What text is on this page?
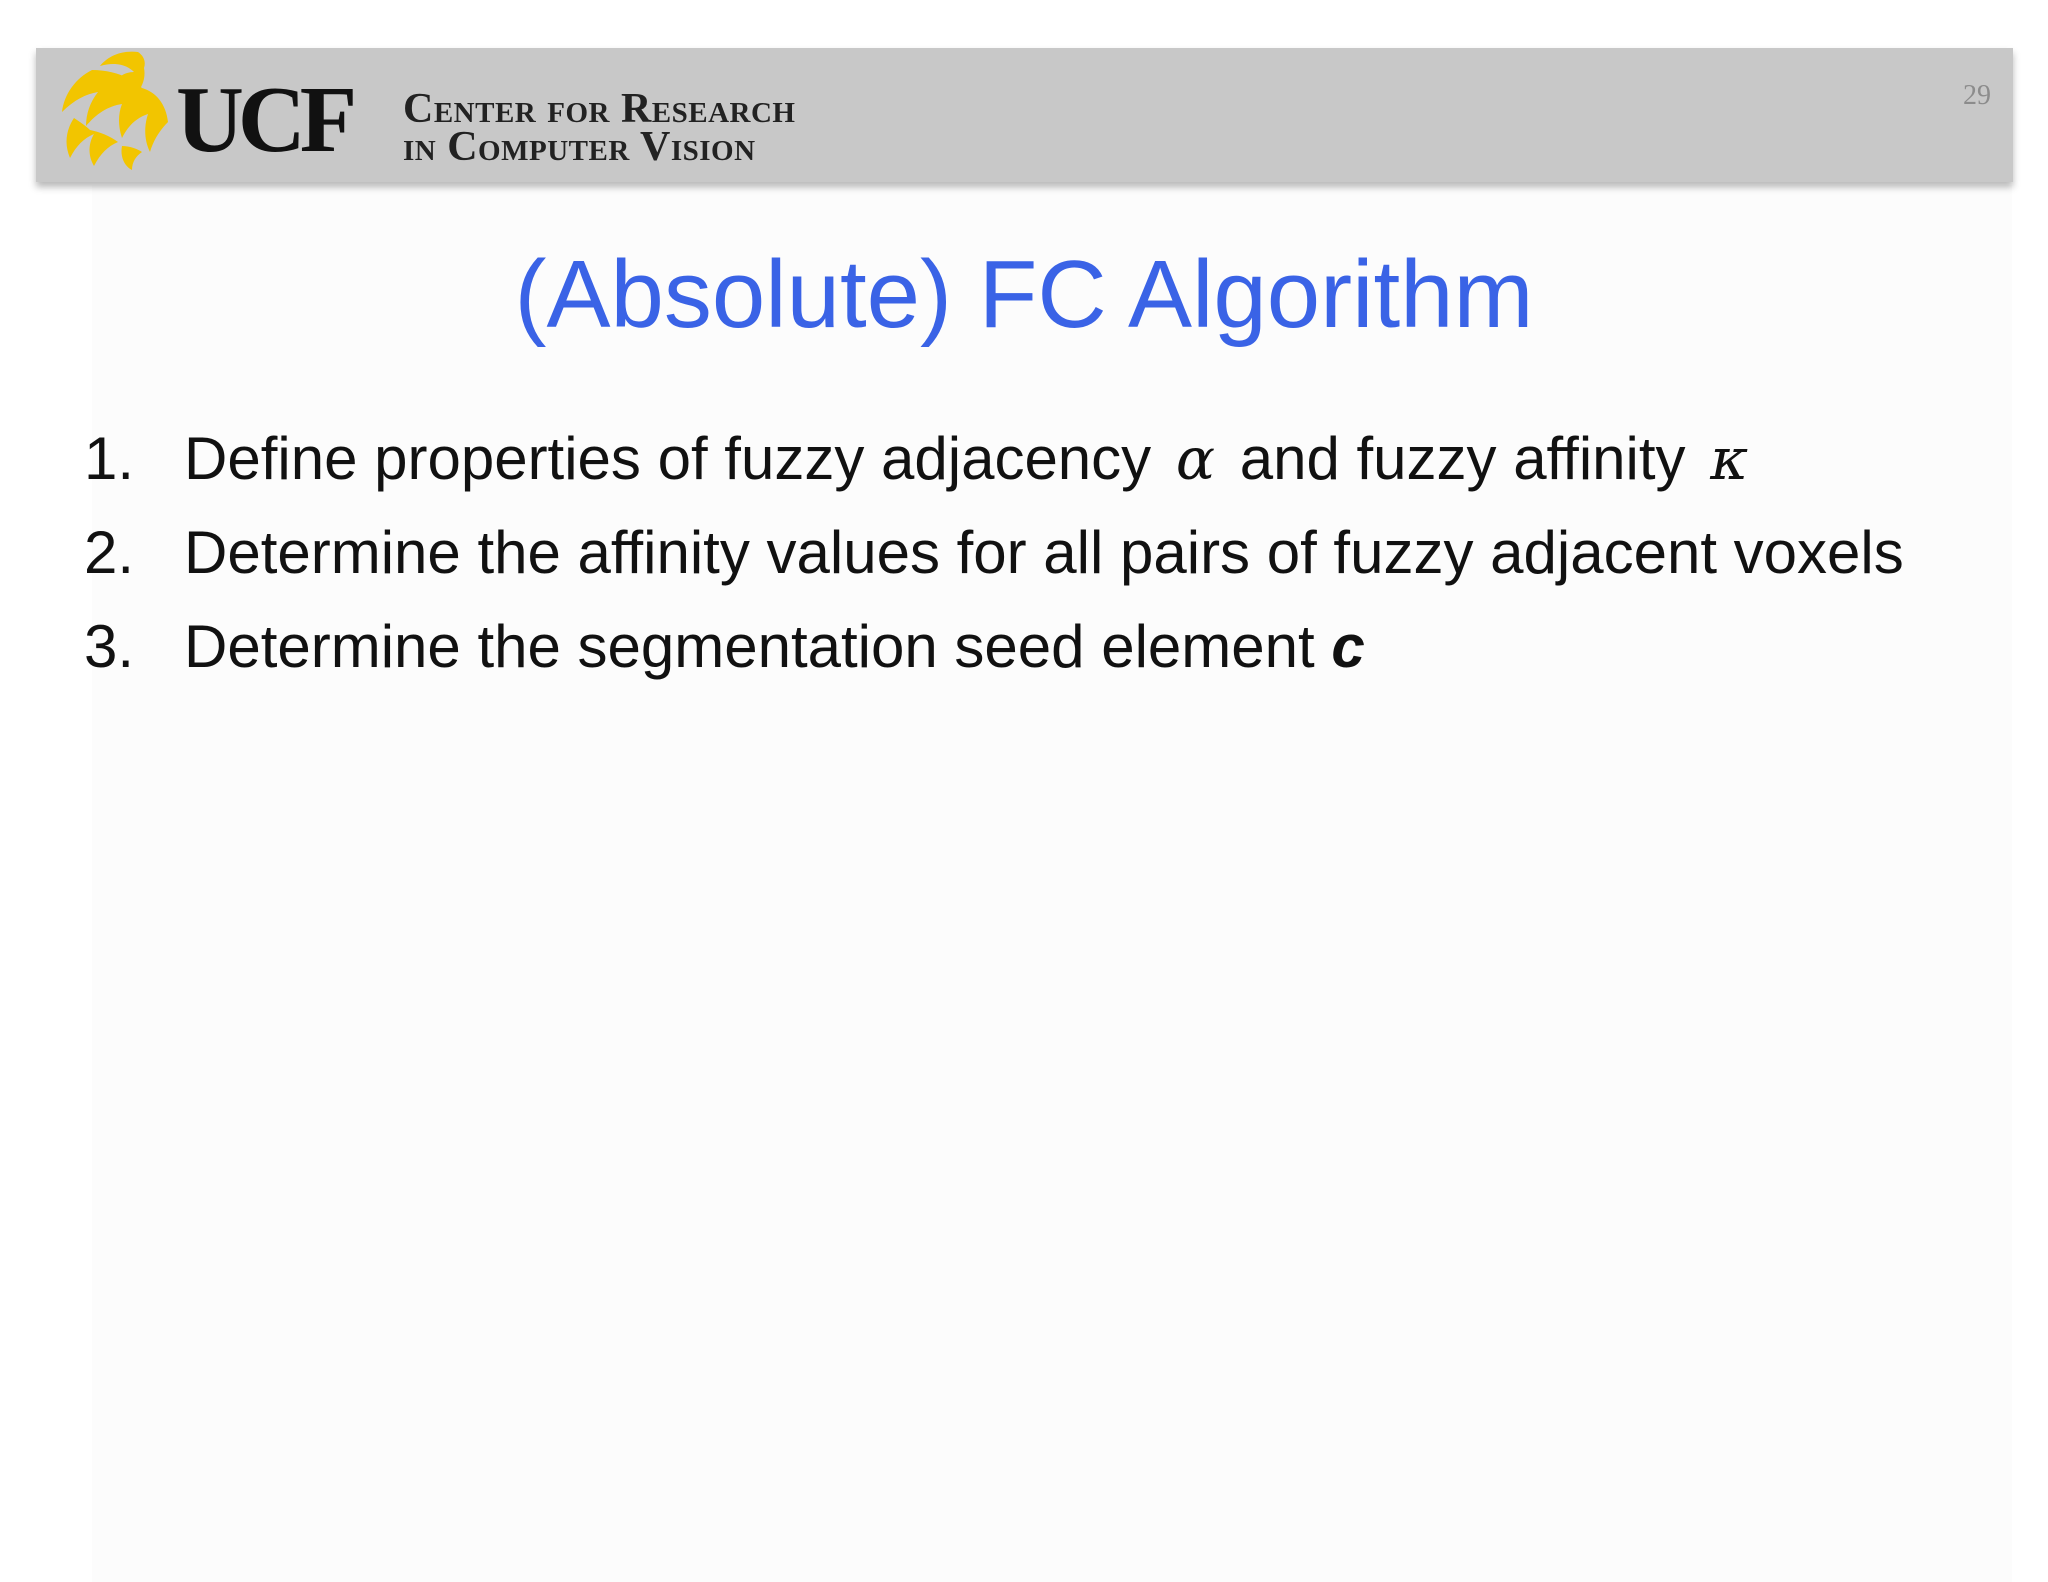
UCF Center for Research
in Computer Vision
29
(Absolute) FC Algorithm
1. Define properties of fuzzy adjacency α and fuzzy affinity κ
2. Determine the affinity values for all pairs of fuzzy adjacent voxels
3. Determine the segmentation seed element c
